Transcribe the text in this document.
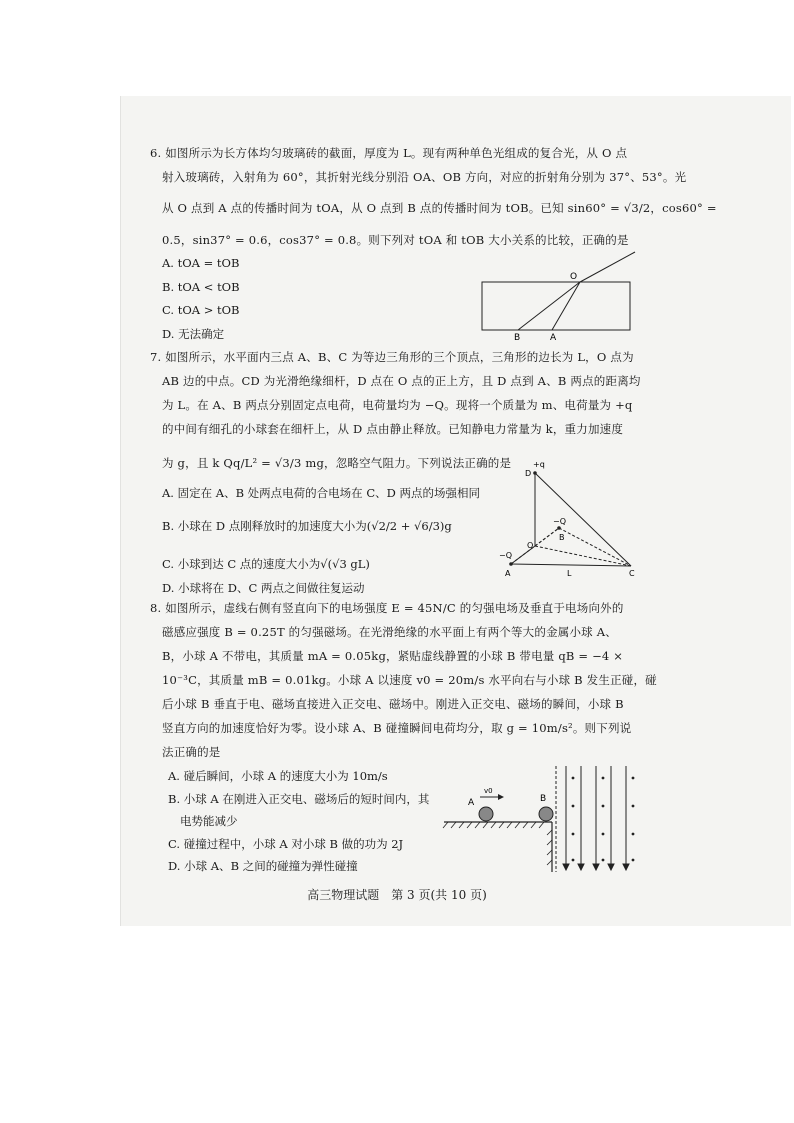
6. 如图所示为长方体均匀玻璃砖的截面，厚度为 L。现有两种单色光组成的复合光，从 O 点
射入玻璃砖，入射角为 60°，其折射光线分别沿 OA、OB 方向，对应的折射角分别为 37°、53°。光
从 O 点到 A 点的传播时间为 tOA，从 O 点到 B 点的传播时间为 tOB。已知 sin60° = √3/2，cos60° =
0.5，sin37° = 0.6，cos37° = 0.8。则下列对 tOA 和 tOB 大小关系的比较，正确的是
A. tOA = tOB
B. tOA < tOB
C. tOA > tOB
D. 无法确定
O
B	A
7. 如图所示，水平面内三点 A、B、C 为等边三角形的三个顶点，三角形的边长为 L，O 点为
AB 边的中点。CD 为光滑绝缘细杆，D 点在 O 点的正上方，且 D 点到 A、B 两点的距离均
为 L。在 A、B 两点分别固定点电荷，电荷量均为 −Q。现将一个质量为 m、电荷量为 +q
的中间有细孔的小球套在细杆上，从 D 点由静止释放。已知静电力常量为 k，重力加速度
为 g，且 k Qq/L² = √3/3 mg，忽略空气阻力。下列说法正确的是
A. 固定在 A、B 处两点电荷的合电场在 C、D 两点的场强相同
B. 小球在 D 点刚释放时的加速度大小为(√2/2 + √6/3)g
C. 小球到达 C 点的速度大小为√(√3 gL)
D. 小球将在 D、C 两点之间做往复运动
D
+q
−Q
B
O
−Q
A	L	C
8. 如图所示，虚线右侧有竖直向下的电场强度 E = 45N/C 的匀强电场及垂直于电场向外的
磁感应强度 B = 0.25T 的匀强磁场。在光滑绝缘的水平面上有两个等大的金属小球 A、
B，小球 A 不带电，其质量 mA = 0.05kg，紧贴虚线静置的小球 B 带电量 qB = −4 ×
10⁻³C，其质量 mB = 0.01kg。小球 A 以速度 v0 = 20m/s 水平向右与小球 B 发生正碰，碰
后小球 B 垂直于电、磁场直接进入正交电、磁场中。刚进入正交电、磁场的瞬间，小球 B
竖直方向的加速度恰好为零。设小球 A、B 碰撞瞬间电荷均分，取 g = 10m/s²。则下列说
法正确的是
A. 碰后瞬间，小球 A 的速度大小为 10m/s
B. 小球 A 在刚进入正交电、磁场后的短时间内，其
电势能减少
C. 碰撞过程中，小球 A 对小球 B 做的功为 2J
D. 小球 A、B 之间的碰撞为弹性碰撞
v0
A	B
高三物理试题　第 3 页(共 10 页)
